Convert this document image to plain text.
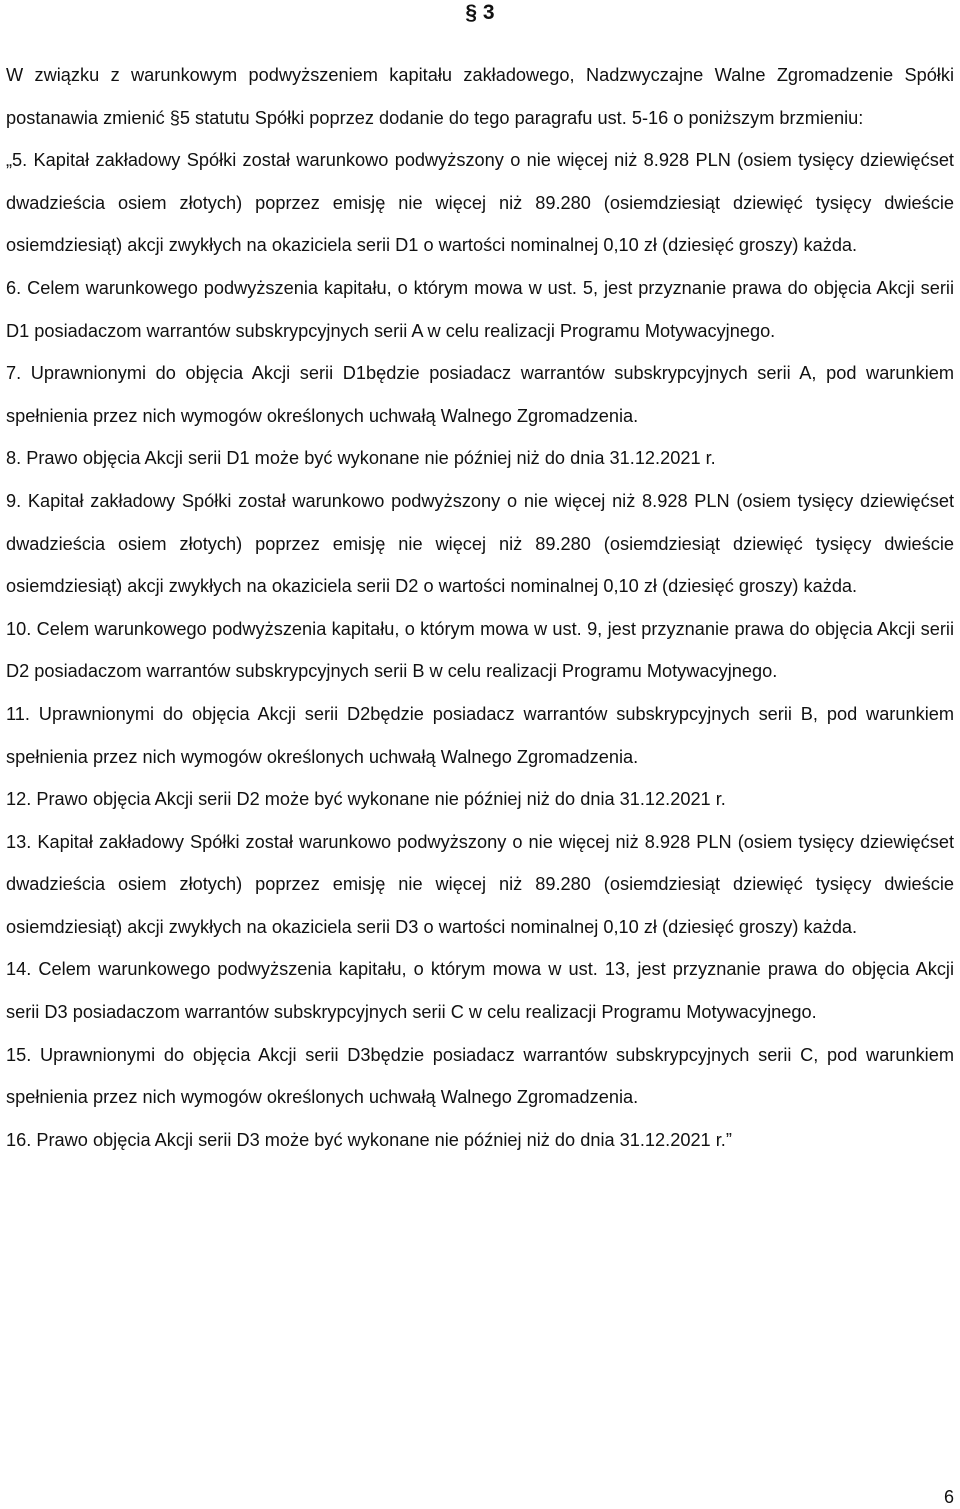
§ 3

W związku z warunkowym podwyższeniem kapitału zakładowego, Nadzwyczajne Walne Zgromadzenie Spółki postanawia zmienić §5 statutu Spółki poprzez dodanie do tego paragrafu ust. 5-16 o poniższym brzmieniu:

„5. Kapitał zakładowy Spółki został warunkowo podwyższony o nie więcej niż 8.928 PLN (osiem tysięcy dziewięćset dwadzieścia osiem złotych) poprzez emisję nie więcej niż 89.280 (osiemdziesiąt dziewięć tysięcy dwieście osiemdziesiąt) akcji zwykłych na okaziciela serii D1 o wartości nominalnej 0,10 zł (dziesięć groszy) każda.

6. Celem warunkowego podwyższenia kapitału, o którym mowa w ust. 5, jest przyznanie prawa do objęcia Akcji serii D1 posiadaczom warrantów subskrypcyjnych serii A w celu realizacji Programu Motywacyjnego.

7. Uprawnionymi do objęcia Akcji serii D1będzie posiadacz warrantów subskrypcyjnych serii A, pod warunkiem spełnienia przez nich wymogów określonych uchwałą Walnego Zgromadzenia.

8. Prawo objęcia Akcji serii D1 może być wykonane nie później niż do dnia 31.12.2021 r.

9. Kapitał zakładowy Spółki został warunkowo podwyższony o nie więcej niż 8.928 PLN (osiem tysięcy dziewięćset dwadzieścia osiem złotych) poprzez emisję nie więcej niż 89.280 (osiemdziesiąt dziewięć tysięcy dwieście osiemdziesiąt) akcji zwykłych na okaziciela serii D2 o wartości nominalnej 0,10 zł (dziesięć groszy) każda.

10. Celem warunkowego podwyższenia kapitału, o którym mowa w ust. 9, jest przyznanie prawa do objęcia Akcji serii D2 posiadaczom warrantów subskrypcyjnych serii B w celu realizacji Programu Motywacyjnego.

11. Uprawnionymi do objęcia Akcji serii D2będzie posiadacz warrantów subskrypcyjnych serii B, pod warunkiem spełnienia przez nich wymogów określonych uchwałą Walnego Zgromadzenia.

12. Prawo objęcia Akcji serii D2 może być wykonane nie później niż do dnia 31.12.2021 r.

13. Kapitał zakładowy Spółki został warunkowo podwyższony o nie więcej niż 8.928 PLN (osiem tysięcy dziewięćset dwadzieścia osiem złotych) poprzez emisję nie więcej niż 89.280 (osiemdziesiąt dziewięć tysięcy dwieście osiemdziesiąt) akcji zwykłych na okaziciela serii D3 o wartości nominalnej 0,10 zł (dziesięć groszy) każda.

14. Celem warunkowego podwyższenia kapitału, o którym mowa w ust. 13, jest przyznanie prawa do objęcia Akcji serii D3 posiadaczom warrantów subskrypcyjnych serii C w celu realizacji Programu Motywacyjnego.

15. Uprawnionymi do objęcia Akcji serii D3będzie posiadacz warrantów subskrypcyjnych serii C, pod warunkiem spełnienia przez nich wymogów określonych uchwałą Walnego Zgromadzenia.

16. Prawo objęcia Akcji serii D3 może być wykonane nie później niż do dnia 31.12.2021 r.”

6
